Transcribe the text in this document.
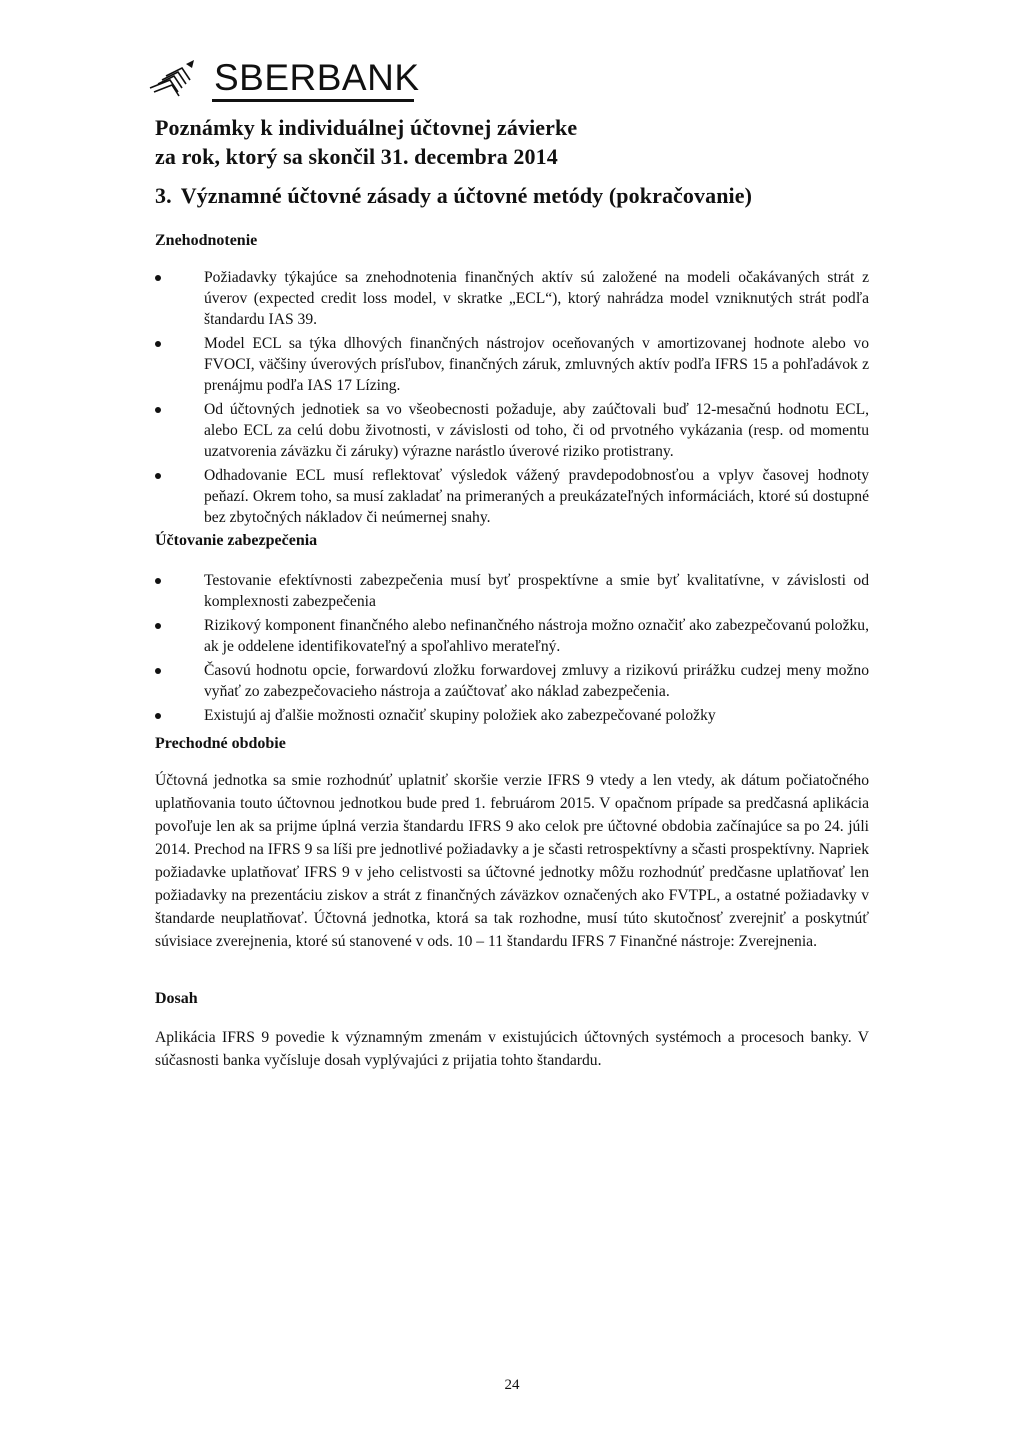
SBERBANK
Poznámky k individuálnej účtovnej závierke
za rok, ktorý sa skončil 31. decembra 2014
3. Významné účtovné zásady a účtovné metódy (pokračovanie)
Znehodnotenie
Požiadavky týkajúce sa znehodnotenia finančných aktív sú založené na modeli očakávaných strát z úverov (expected credit loss model, v skratke „ECL“), ktorý nahrádza model vzniknutých strát podľa štandardu IAS 39.
Model ECL sa týka dlhových finančných nástrojov oceňovaných v amortizovanej hodnote alebo vo FVOCI, väčšiny úverových prísľubov, finančných záruk, zmluvných aktív podľa IFRS 15 a pohľadávok z prenájmu podľa IAS 17 Lízing.
Od účtovných jednotiek sa vo všeobecnosti požaduje, aby zaúčtovali buď 12-mesačnú hodnotu ECL, alebo ECL za celú dobu životnosti, v závislosti od toho, či od prvotného vykázania (resp. od momentu uzatvorenia záväzku či záruky) výrazne narástlo úverové riziko protistrany.
Odhadovanie ECL musí reflektovať výsledok vážený pravdepodobnosťou a vplyv časovej hodnoty peňazí. Okrem toho, sa musí zakladať na primeraných a preukázateľných informáciách, ktoré sú dostupné bez zbytočných nákladov či neúmernej snahy.
Účtovanie zabezpečenia
Testovanie efektívnosti zabezpečenia musí byť prospektívne a smie byť kvalitatívne, v závislosti od komplexnosti zabezpečenia
Rizikový komponent finančného alebo nefinančného nástroja možno označiť ako zabezpečovanú položku, ak je oddelene identifikovateľný a spoľahlivo merateľný.
Časovú hodnotu opcie, forwardovú zložku forwardovej zmluvy a rizikovú prirážku cudzej meny možno vyňať zo zabezpečovacieho nástroja a zaúčtovať ako náklad zabezpečenia.
Existujú aj ďalšie možnosti označiť skupiny položiek ako zabezpečované položky
Prechodné obdobie

Účtovná jednotka sa smie rozhodnúť uplatniť skoršie verzie IFRS 9 vtedy a len vtedy, ak dátum počiatočného uplatňovania touto účtovnou jednotkou bude pred 1. februárom 2015. V opačnom prípade sa predčasná aplikácia povoľuje len ak sa prijme úplná verzia štandardu IFRS 9 ako celok pre účtovné obdobia začínajúce sa po 24. júli 2014. Prechod na IFRS 9 sa líši pre jednotlivé požiadavky a je sčasti retrospektívny a sčasti prospektívny. Napriek požiadavke uplatňovať IFRS 9 v jeho celistvosti sa účtovné jednotky môžu rozhodnúť predčasne uplatňovať len požiadavky na prezentáciu ziskov a strát z finančných záväzkov označených ako FVTPL, a ostatné požiadavky v štandarde neuplatňovať. Účtovná jednotka, ktorá sa tak rozhodne, musí túto skutočnosť zverejniť a poskytnúť súvisiace zverejnenia, ktoré sú stanovené v ods. 10 – 11 štandardu IFRS 7 Finančné nástroje: Zverejnenia.

Dosah

Aplikácia IFRS 9 povedie k významným zmenám v existujúcich účtovných systémoch a procesoch banky. V súčasnosti banka vyčísluje dosah vyplývajúci z prijatia tohto štandardu.

24
